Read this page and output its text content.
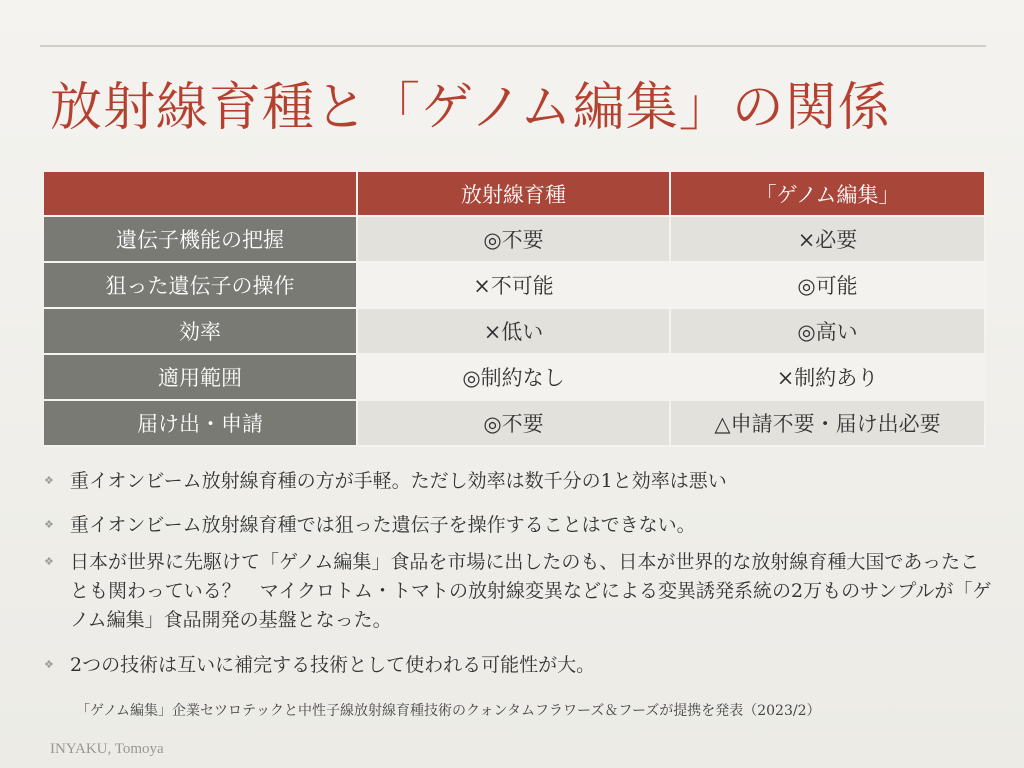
放射線育種と「ゲノム編集」の関係
	放射線育種	「ゲノム編集」
遺伝子機能の把握	◎不要	×必要
狙った遺伝子の操作	×不可能	◎可能
効率	×低い	◎高い
適用範囲	◎制約なし	×制約あり
届け出・申請	◎不要	△申請不要・届け出必要
❖ 重イオンビーム放射線育種の方が手軽。ただし効率は数千分の1と効率は悪い
❖ 重イオンビーム放射線育種では狙った遺伝子を操作することはできない。
❖ 日本が世界に先駆けて「ゲノム編集」食品を市場に出したのも、日本が世界的な放射線育種大国であったことも関わっている？　マイクロトム・トマトの放射線変異などによる変異誘発系統の2万ものサンプルが「ゲノム編集」食品開発の基盤となった。
❖ 2つの技術は互いに補完する技術として使われる可能性が大。
「ゲノム編集」企業セツロテックと中性子線放射線育種技術のクォンタムフラワーズ＆フーズが提携を発表（2023/2）
INYAKU, Tomoya
